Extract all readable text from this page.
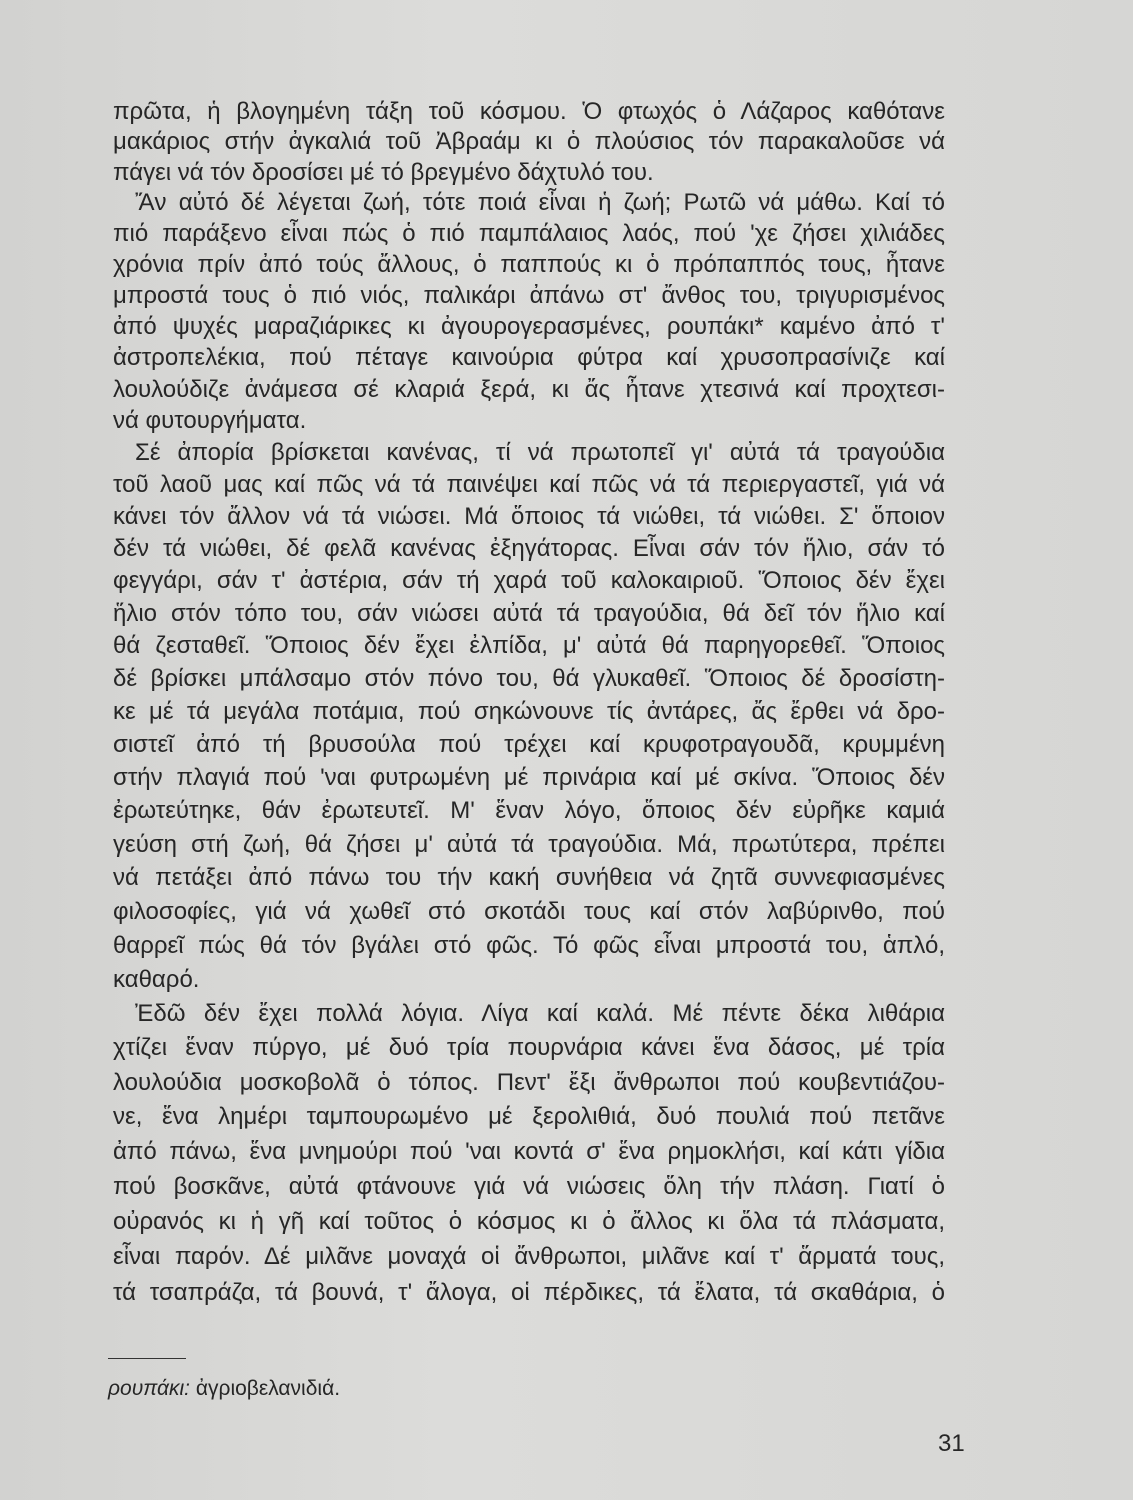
πρῶτα, ἡ βλογημένη τάξη τοῦ κόσμου. Ὁ φτωχός ὁ Λάζαρος καθότανε
μακάριος στήν ἀγκαλιά τοῦ Ἀβραάμ κι ὁ πλούσιος τόν παρακαλοῦσε νά
πάγει νά τόν δροσίσει μέ τό βρεγμένο δάχτυλό του.
Ἄν αὐτό δέ λέγεται ζωή, τότε ποιά εἶναι ἡ ζωή; Ρωτῶ νά μάθω. Καί τό
πιό παράξενο εἶναι πώς ὁ πιό παμπάλαιος λαός, πού 'χε ζήσει χιλιάδες
χρόνια πρίν ἀπό τούς ἄλλους, ὁ παππούς κι ὁ πρόπαππός τους, ἦτανε
μπροστά τους ὁ πιό νιός, παλικάρι ἀπάνω στ' ἄνθος του, τριγυρισμένος
ἀπό ψυχές μαραζιάρικες κι ἀγουρογερασμένες, ρουπάκι* καμένο ἀπό τ'
ἀστροπελέκια, πού πέταγε καινούρια φύτρα καί χρυσοπρασίνιζε καί
λουλούδιζε ἀνάμεσα σέ κλαριά ξερά, κι ἄς ἦτανε χτεσινά καί προχτεσι-
νά φυτουργήματα.
Σέ ἀπορία βρίσκεται κανένας, τί νά πρωτοπεῖ γι' αὐτά τά τραγούδια
τοῦ λαοῦ μας καί πῶς νά τά παινέψει καί πῶς νά τά περιεργαστεῖ, γιά νά
κάνει τόν ἄλλον νά τά νιώσει. Μά ὅποιος τά νιώθει, τά νιώθει. Σ' ὅποιον
δέν τά νιώθει, δέ φελᾶ κανένας ἐξηγάτορας. Εἶναι σάν τόν ἥλιο, σάν τό
φεγγάρι, σάν τ' ἀστέρια, σάν τή χαρά τοῦ καλοκαιριοῦ. Ὅποιος δέν ἔχει
ἥλιο στόν τόπο του, σάν νιώσει αὐτά τά τραγούδια, θά δεῖ τόν ἥλιο καί
θά ζεσταθεῖ. Ὅποιος δέν ἔχει ἐλπίδα, μ' αὐτά θά παρηγορεθεῖ. Ὅποιος
δέ βρίσκει μπάλσαμο στόν πόνο του, θά γλυκαθεῖ. Ὅποιος δέ δροσίστη-
κε μέ τά μεγάλα ποτάμια, πού σηκώνουνε τίς ἀντάρες, ἄς ἔρθει νά δρο-
σιστεῖ ἀπό τή βρυσούλα πού τρέχει καί κρυφοτραγουδᾶ, κρυμμένη
στήν πλαγιά πού 'ναι φυτρωμένη μέ πρινάρια καί μέ σκίνα. Ὅποιος δέν
ἐρωτεύτηκε, θάν ἐρωτευτεῖ. Μ' ἕναν λόγο, ὅποιος δέν εὐρῆκε καμιά
γεύση στή ζωή, θά ζήσει μ' αὐτά τά τραγούδια. Μά, πρωτύτερα, πρέπει
νά πετάξει ἀπό πάνω του τήν κακή συνήθεια νά ζητᾶ συννεφιασμένες
φιλοσοφίες, γιά νά χωθεῖ στό σκοτάδι τους καί στόν λαβύρινθο, πού
θαρρεῖ πώς θά τόν βγάλει στό φῶς. Τό φῶς εἶναι μπροστά του, ἁπλό,
καθαρό.
Ἐδῶ δέν ἔχει πολλά λόγια. Λίγα καί καλά. Μέ πέντε δέκα λιθάρια
χτίζει ἕναν πύργο, μέ δυό τρία πουρνάρια κάνει ἕνα δάσος, μέ τρία
λουλούδια μοσκοβολᾶ ὁ τόπος. Πεντ' ἔξι ἄνθρωποι πού κουβεντιάζου-
νε, ἕνα λημέρι ταμπουρωμένο μέ ξερολιθιά, δυό πουλιά πού πετᾶνε
ἀπό πάνω, ἕνα μνημούρι πού 'ναι κοντά σ' ἕνα ρημοκλήσι, καί κάτι γίδια
πού βοσκᾶνε, αὐτά φτάνουνε γιά νά νιώσεις ὅλη τήν πλάση. Γιατί ὁ
οὐρανός κι ἡ γῆ καί τοῦτος ὁ κόσμος κι ὁ ἄλλος κι ὅλα τά πλάσματα,
εἶναι παρόν. Δέ μιλᾶνε μοναχά οἱ ἄνθρωποι, μιλᾶνε καί τ' ἅρματά τους,
τά τσαπράζα, τά βουνά, τ' ἄλογα, οἱ πέρδικες, τά ἔλατα, τά σκαθάρια, ὁ
ρουπάκι: ἀγριοβελανιδιά.
31
